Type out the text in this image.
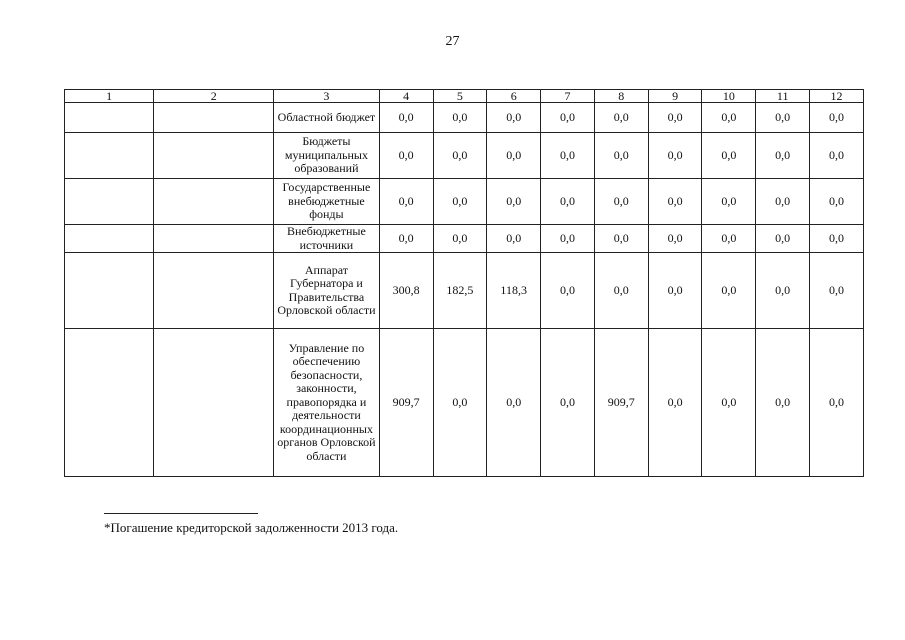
27
1	2	3	4	5	6	7	8	9	10	11	12
		Областной бюджет	0,0	0,0	0,0	0,0	0,0	0,0	0,0	0,0	0,0
		Бюджеты муниципальных образований	0,0	0,0	0,0	0,0	0,0	0,0	0,0	0,0	0,0
		Государственные внебюджетные фонды	0,0	0,0	0,0	0,0	0,0	0,0	0,0	0,0	0,0
		Внебюджетные источники	0,0	0,0	0,0	0,0	0,0	0,0	0,0	0,0	0,0
		Аппарат Губернатора и Правительства Орловской области	300,8	182,5	118,3	0,0	0,0	0,0	0,0	0,0	0,0
		Управление по обеспечению безопасности, законности, правопорядка и деятельности координационных органов Орловской области	909,7	0,0	0,0	0,0	909,7	0,0	0,0	0,0	0,0
*Погашение кредиторской задолженности 2013 года.
